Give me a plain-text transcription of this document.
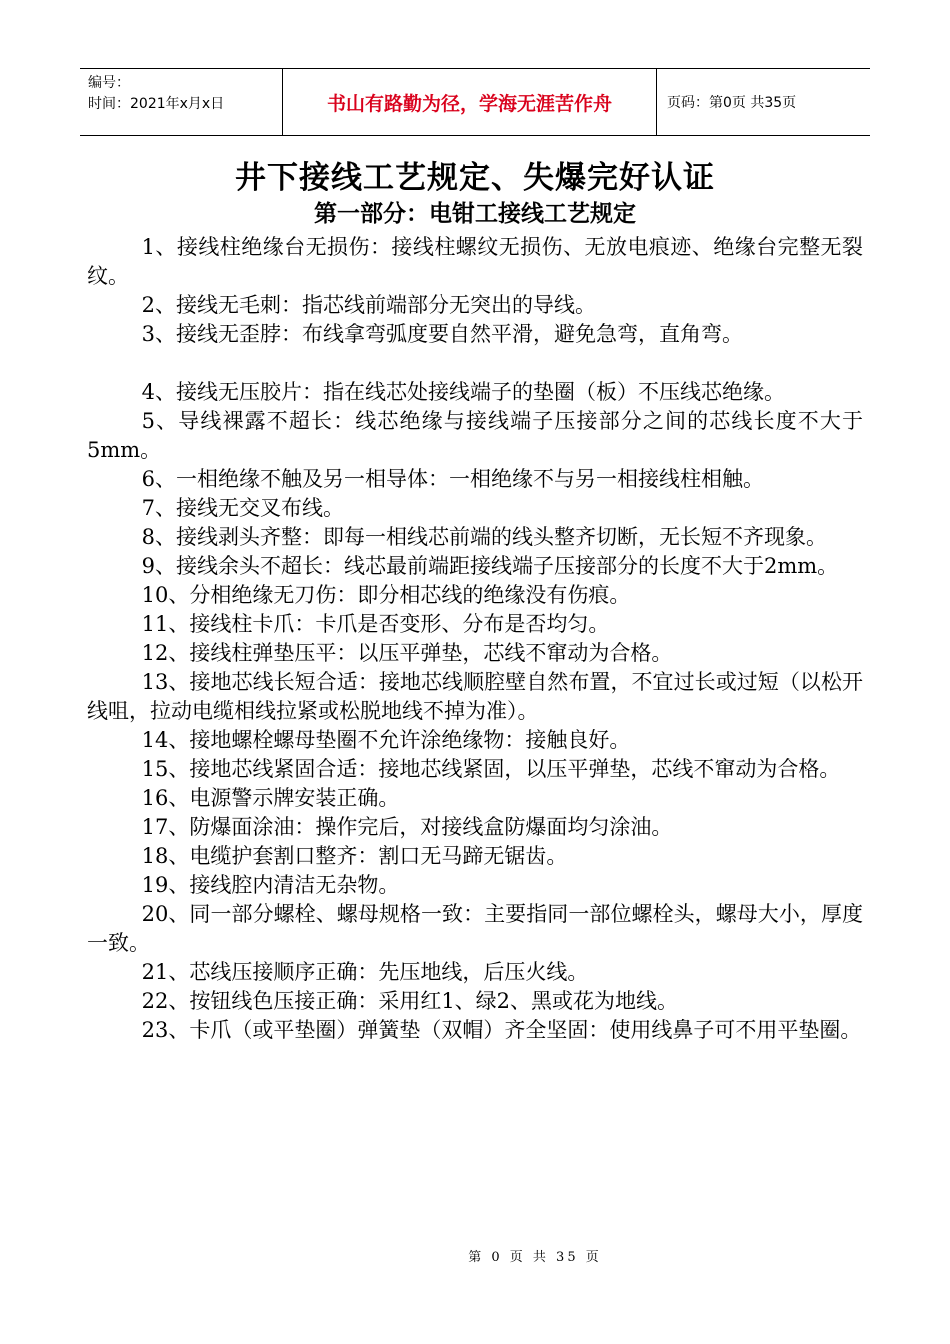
编号：
时间：2021年x月x日	书山有路勤为径，学海无涯苦作舟	页码：第0页 共35页
井下接线工艺规定、失爆完好认证
第一部分：电钳工接线工艺规定

1、接线柱绝缘台无损伤：接线柱螺纹无损伤、无放电痕迹、绝缘台完整无裂纹。

2、接线无毛刺：指芯线前端部分无突出的导线。

3、接线无歪脖：布线拿弯弧度要自然平滑，避免急弯，直角弯。

4、接线无压胶片：指在线芯处接线端子的垫圈（板）不压线芯绝缘。

5、导线裸露不超长：线芯绝缘与接线端子压接部分之间的芯线长度不大于5mm。

6、一相绝缘不触及另一相导体：一相绝缘不与另一相接线柱相触。

7、接线无交叉布线。

8、接线剥头齐整：即每一相线芯前端的线头整齐切断，无长短不齐现象。

9、接线余头不超长：线芯最前端距接线端子压接部分的长度不大于2mm。

10、分相绝缘无刀伤：即分相芯线的绝缘没有伤痕。

11、接线柱卡爪：卡爪是否变形、分布是否均匀。

12、接线柱弹垫压平：以压平弹垫，芯线不窜动为合格。

13、接地芯线长短合适：接地芯线顺腔壁自然布置，不宜过长或过短（以松开线咀，拉动电缆相线拉紧或松脱地线不掉为准）。

14、接地螺栓螺母垫圈不允许涂绝缘物：接触良好。

15、接地芯线紧固合适：接地芯线紧固，以压平弹垫，芯线不窜动为合格。

16、电源警示牌安装正确。

17、防爆面涂油：操作完后，对接线盒防爆面均匀涂油。

18、电缆护套割口整齐：割口无马蹄无锯齿。

19、接线腔内清洁无杂物。

20、同一部分螺栓、螺母规格一致：主要指同一部位螺栓头，螺母大小，厚度一致。

21、芯线压接顺序正确：先压地线，后压火线。

22、按钮线色压接正确：采用红1、绿2、黑或花为地线。

23、卡爪（或平垫圈）弹簧垫（双帽）齐全坚固：使用线鼻子可不用平垫圈。

第 0 页 共 35 页
